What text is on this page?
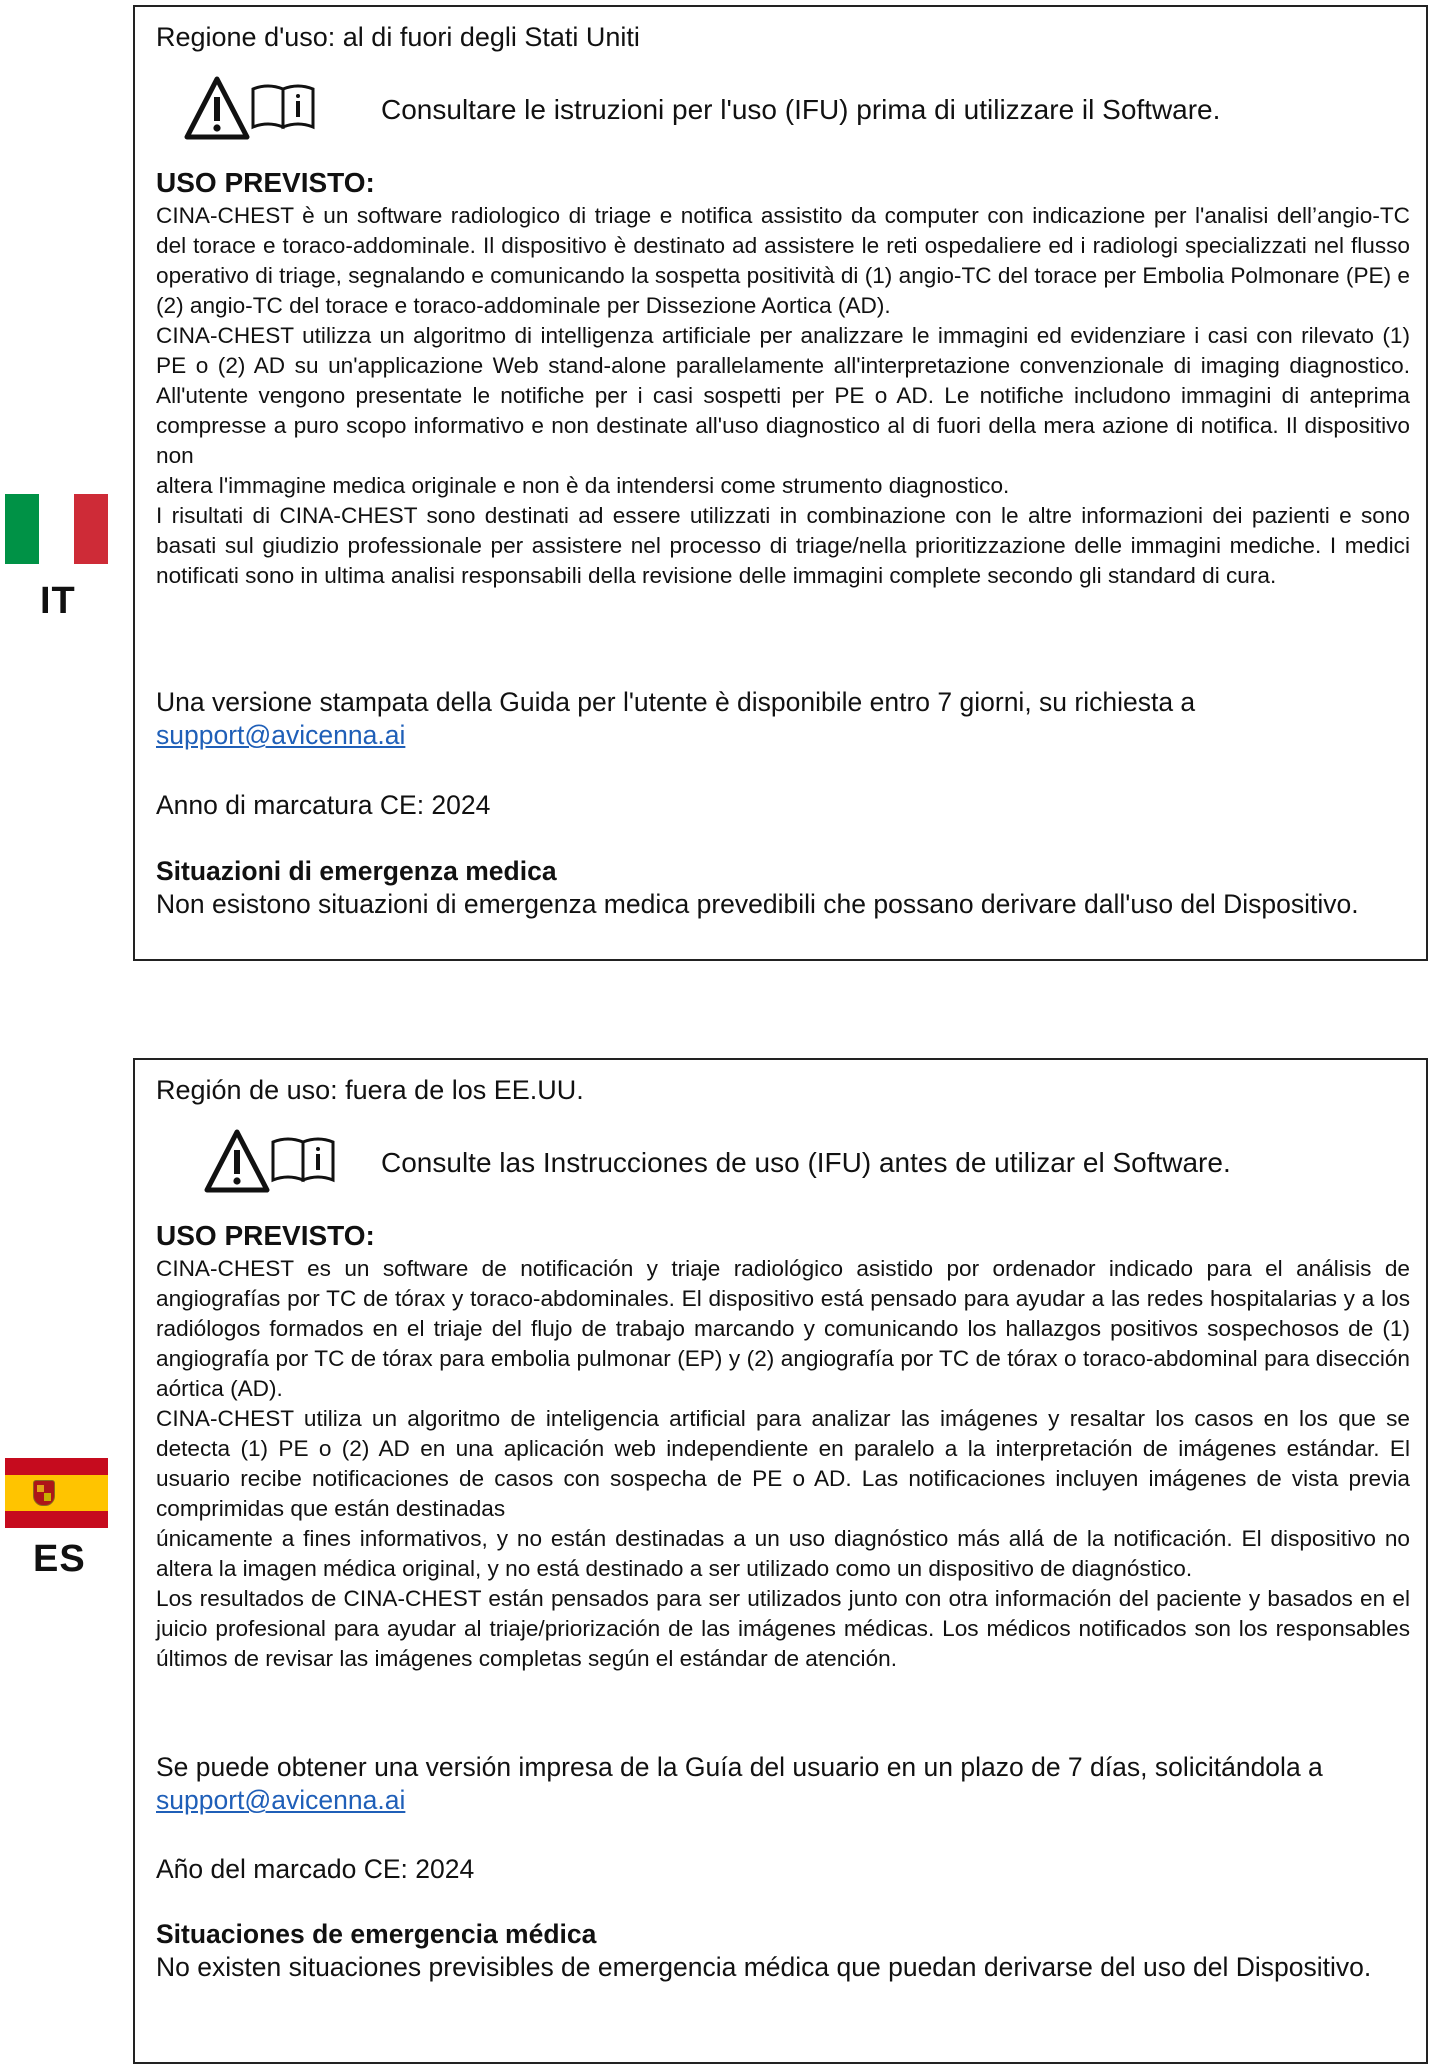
IT
Regione d'uso: al di fuori degli Stati Uniti
Consultare le istruzioni per l'uso (IFU) prima di utilizzare il Software.
USO PREVISTO:

CINA-CHEST è un software radiologico di triage e notifica assistito da computer con indicazione per l'analisi dell’angio-TC del torace e toraco-addominale. Il dispositivo è destinato ad assistere le reti ospedaliere ed i radiologi specializzati nel flusso operativo di triage, segnalando e comunicando la sospetta positività di (1) angio-TC del torace per Embolia Polmonare (PE) e (2) angio-TC del torace e toraco-addominale per Dissezione Aortica (AD).

CINA-CHEST utilizza un algoritmo di intelligenza artificiale per analizzare le immagini ed evidenziare i casi con rilevato (1) PE o (2) AD su un'applicazione Web stand-alone parallelamente all'interpretazione convenzionale di imaging diagnostico. All'utente vengono presentate le notifiche per i casi sospetti per PE o AD. Le notifiche includono immagini di anteprima compresse a puro scopo informativo e non destinate all'uso diagnostico al di fuori della mera azione di notifica. Il dispositivo non

altera l'immagine medica originale e non è da intendersi come strumento diagnostico.

I risultati di CINA-CHEST sono destinati ad essere utilizzati in combinazione con le altre informazioni dei pazienti e sono basati sul giudizio professionale per assistere nel processo di triage/nella prioritizzazione delle immagini mediche. I medici notificati sono in ultima analisi responsabili della revisione delle immagini complete secondo gli standard di cura.

Una versione stampata della Guida per l'utente è disponibile entro 7 giorni, su richiesta a

support@avicenna.ai

Anno di marcatura CE: 2024

Situazioni di emergenza medica

Non esistono situazioni di emergenza medica prevedibili che possano derivare dall'uso del Dispositivo.

ES
Región de uso: fuera de los EE.UU.
Consulte las Instrucciones de uso (IFU) antes de utilizar el Software.
USO PREVISTO:

CINA-CHEST es un software de notificación y triaje radiológico asistido por ordenador indicado para el análisis de angiografías por TC de tórax y toraco-abdominales. El dispositivo está pensado para ayudar a las redes hospitalarias y a los radiólogos formados en el triaje del flujo de trabajo marcando y comunicando los hallazgos positivos sospechosos de (1) angiografía por TC de tórax para embolia pulmonar (EP) y (2) angiografía por TC de tórax o toraco-abdominal para disección aórtica (AD).

CINA-CHEST utiliza un algoritmo de inteligencia artificial para analizar las imágenes y resaltar los casos en los que se detecta (1) PE o (2) AD en una aplicación web independiente en paralelo a la interpretación de imágenes estándar. El usuario recibe notificaciones de casos con sospecha de PE o AD. Las notificaciones incluyen imágenes de vista previa comprimidas que están destinadas

únicamente a fines informativos, y no están destinadas a un uso diagnóstico más allá de la notificación. El dispositivo no altera la imagen médica original, y no está destinado a ser utilizado como un dispositivo de diagnóstico.

Los resultados de CINA-CHEST están pensados para ser utilizados junto con otra información del paciente y basados en el juicio profesional para ayudar al triaje/priorización de las imágenes médicas. Los médicos notificados son los responsables últimos de revisar las imágenes completas según el estándar de atención.

Se puede obtener una versión impresa de la Guía del usuario en un plazo de 7 días, solicitándola a

support@avicenna.ai

Año del marcado CE: 2024

Situaciones de emergencia médica

No existen situaciones previsibles de emergencia médica que puedan derivarse del uso del Dispositivo.
